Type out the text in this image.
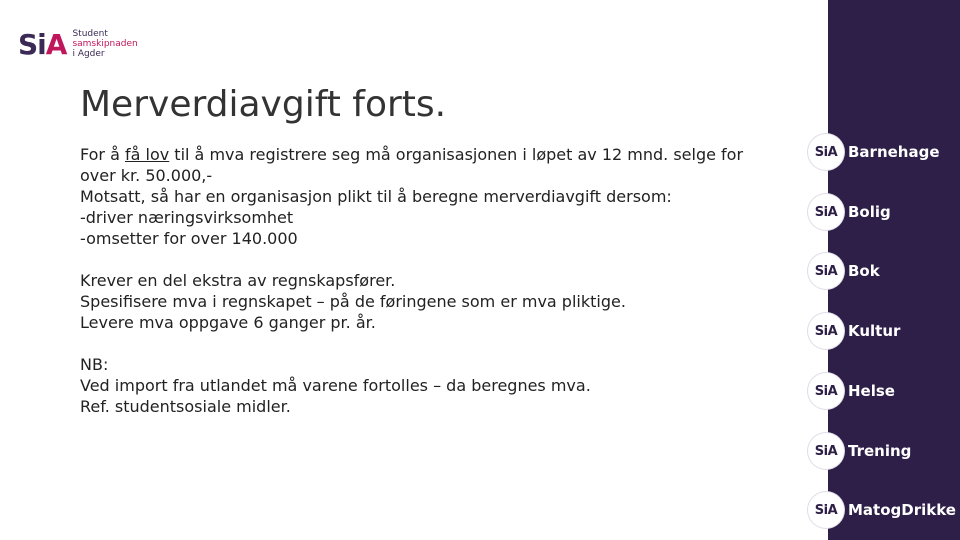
SiA Student
samskipnaden
i Agder
Merverdiavgift forts.

For å få lov til å mva registrere seg må organisasjonen i løpet av 12 mnd. selge for over kr. 50.000,-

Motsatt, så har en organisasjon plikt til å beregne merverdiavgift dersom:

-driver næringsvirksomhet

-omsetter for over 140.000

Krever en del ekstra av regnskapsfører.

Spesifisere mva i regnskapet – på de føringene som er mva pliktige.

Levere mva oppgave 6 ganger pr. år.

NB:

Ved import fra utlandet må varene fortolles – da beregnes mva.

Ref. studentsosiale midler.

SiA Barnehage
SiA Bolig
SiA Bok
SiA Kultur
SiA Helse
SiA Trening
SiA MatogDrikke
